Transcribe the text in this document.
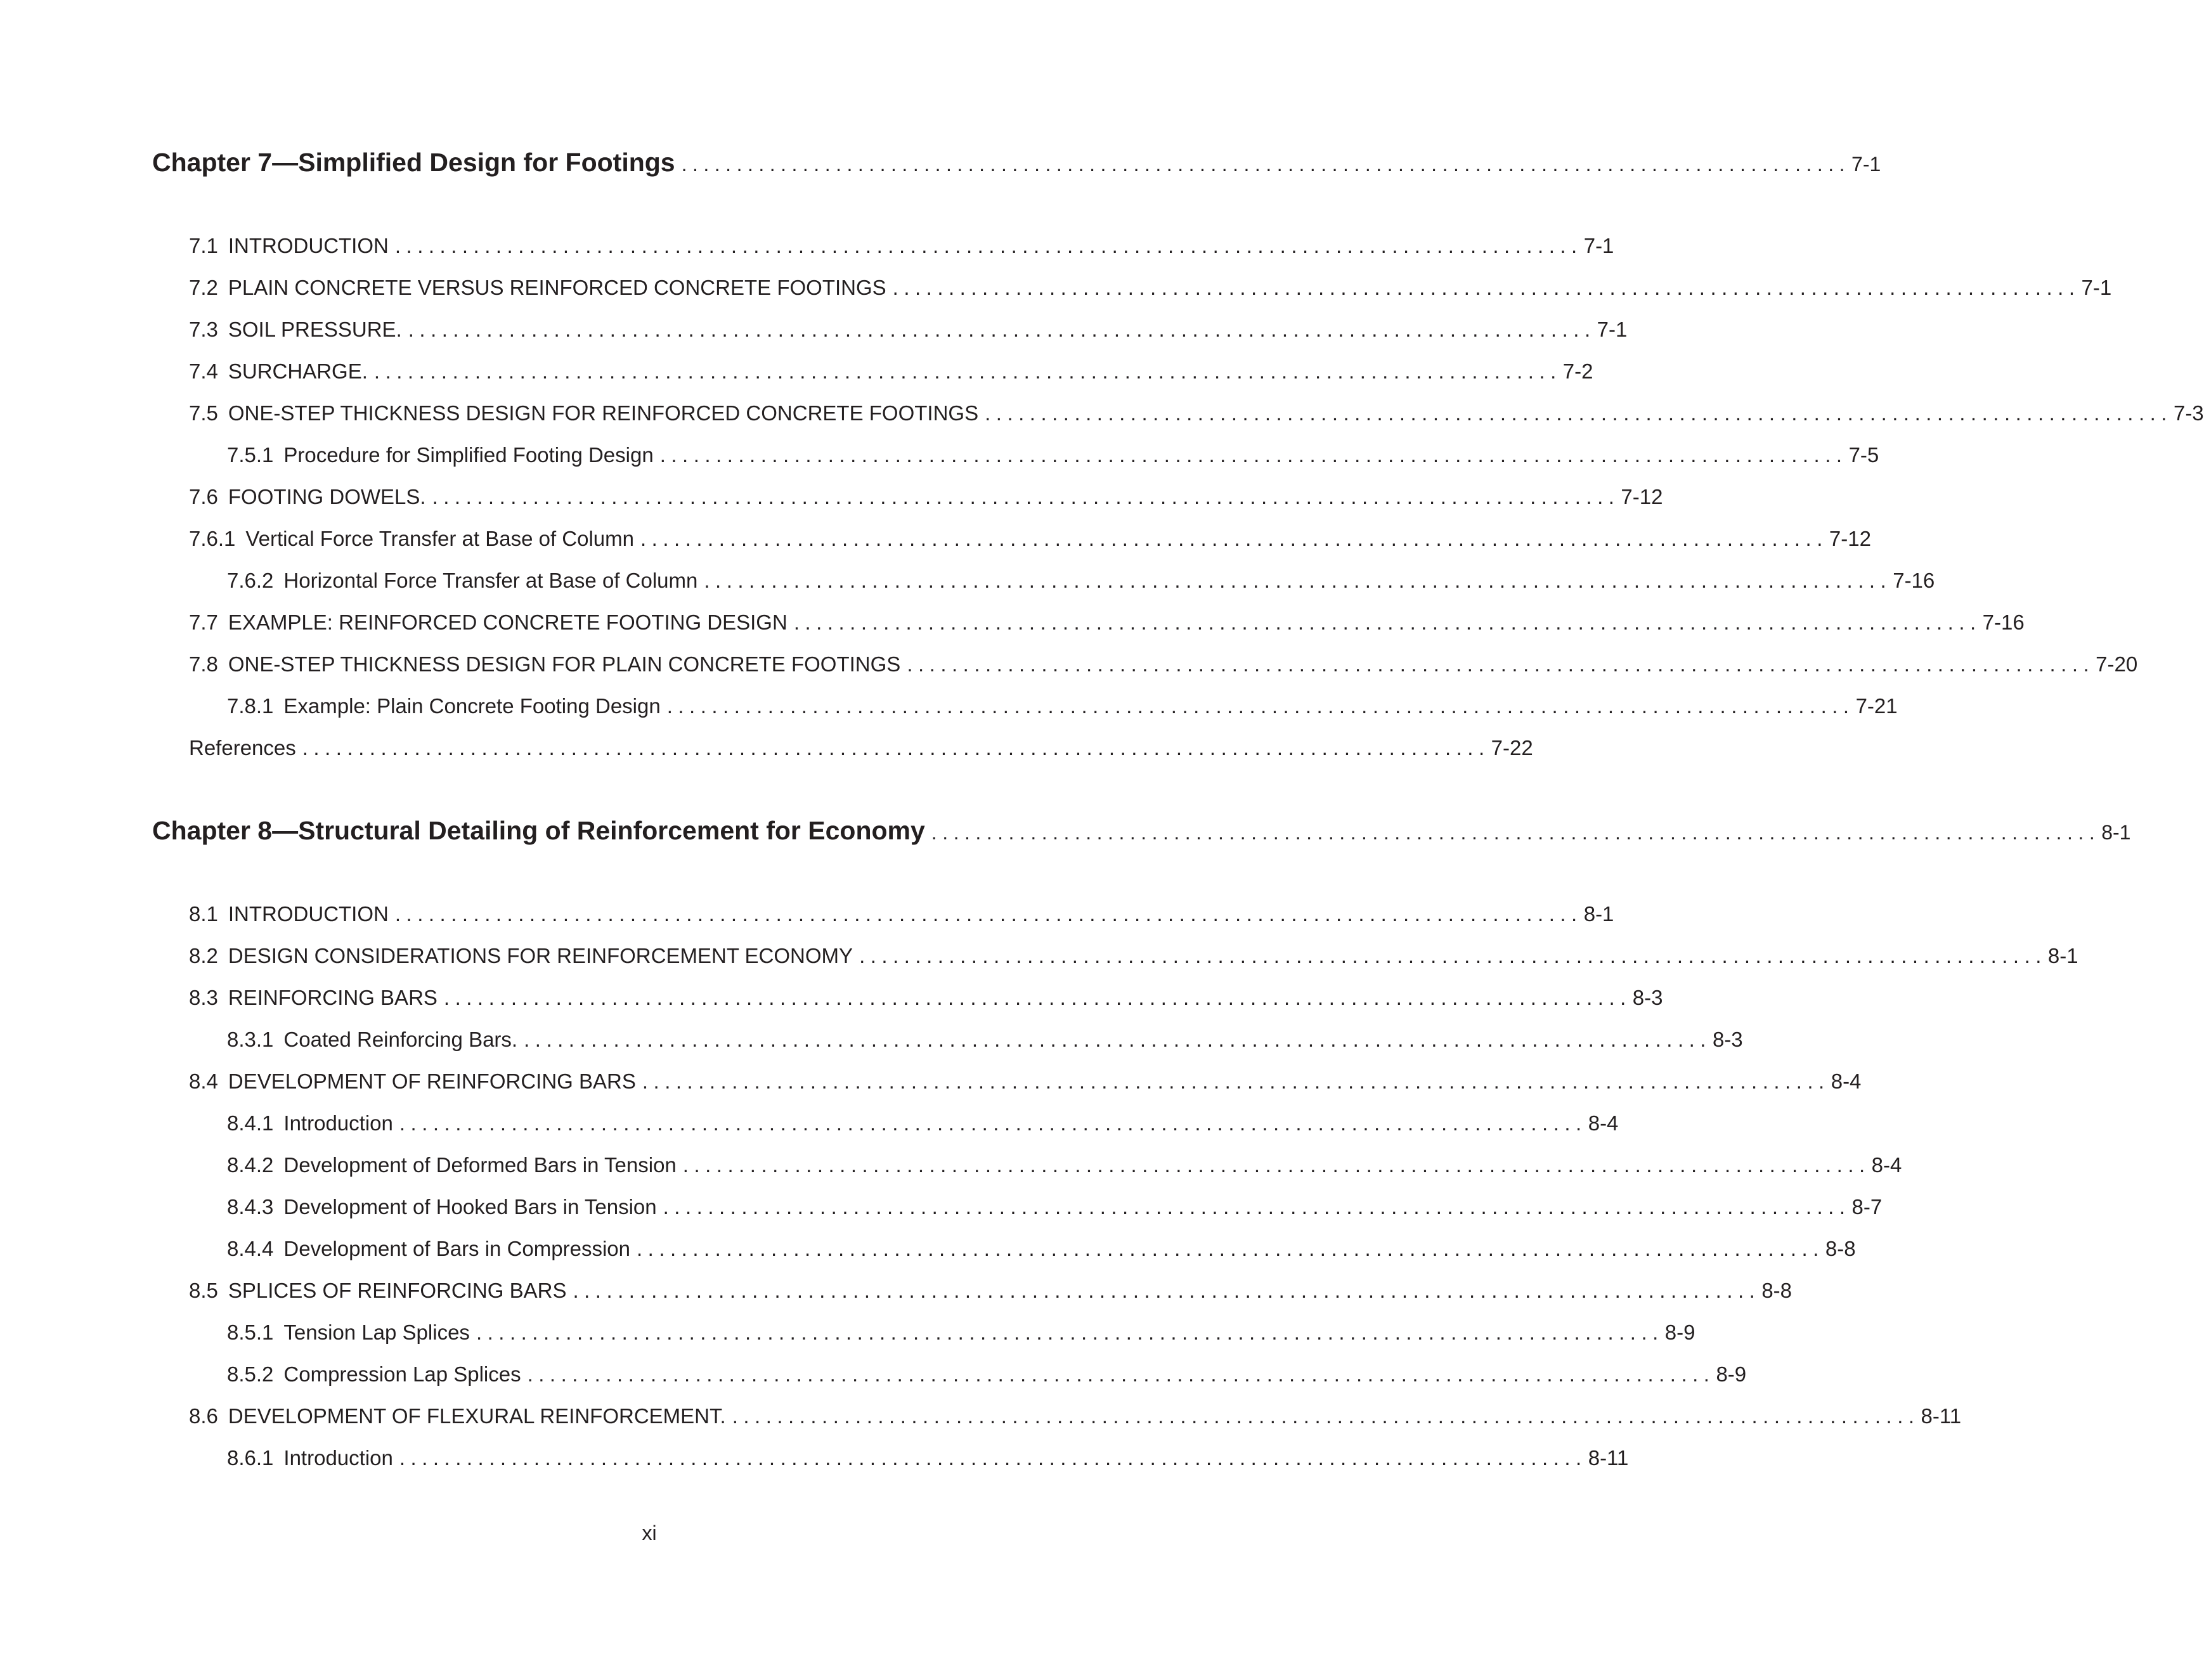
Chapter 7—Simplified Design for Footings .......................................................................................................... 7-1
7.1 INTRODUCTION .......................................................................................................... 7-1
7.2 PLAIN CONCRETE VERSUS REINFORCED CONCRETE FOOTINGS .......................................................................................................... 7-1
7.3 SOIL PRESSURE. .......................................................................................................... 7-1
7.4 SURCHARGE. .......................................................................................................... 7-2
7.5 ONE-STEP THICKNESS DESIGN FOR REINFORCED CONCRETE FOOTINGS .......................................................................................................... 7-3
7.5.1 Procedure for Simplified Footing Design .......................................................................................................... 7-5
7.6 FOOTING DOWELS. .......................................................................................................... 7-12
7.6.1 Vertical Force Transfer at Base of Column .......................................................................................................... 7-12
7.6.2 Horizontal Force Transfer at Base of Column .......................................................................................................... 7-16
7.7 EXAMPLE: REINFORCED CONCRETE FOOTING DESIGN .......................................................................................................... 7-16
7.8 ONE-STEP THICKNESS DESIGN FOR PLAIN CONCRETE FOOTINGS .......................................................................................................... 7-20
7.8.1 Example: Plain Concrete Footing Design .......................................................................................................... 7-21
References .......................................................................................................... 7-22
Chapter 8—Structural Detailing of Reinforcement for Economy .......................................................................................................... 8-1
8.1 INTRODUCTION .......................................................................................................... 8-1
8.2 DESIGN CONSIDERATIONS FOR REINFORCEMENT ECONOMY .......................................................................................................... 8-1
8.3 REINFORCING BARS .......................................................................................................... 8-3
8.3.1 Coated Reinforcing Bars. .......................................................................................................... 8-3
8.4 DEVELOPMENT OF REINFORCING BARS .......................................................................................................... 8-4
8.4.1 Introduction .......................................................................................................... 8-4
8.4.2 Development of Deformed Bars in Tension .......................................................................................................... 8-4
8.4.3 Development of Hooked Bars in Tension .......................................................................................................... 8-7
8.4.4 Development of Bars in Compression .......................................................................................................... 8-8
8.5 SPLICES OF REINFORCING BARS .......................................................................................................... 8-8
8.5.1 Tension Lap Splices .......................................................................................................... 8-9
8.5.2 Compression Lap Splices .......................................................................................................... 8-9
8.6 DEVELOPMENT OF FLEXURAL REINFORCEMENT. .......................................................................................................... 8-11
8.6.1 Introduction .......................................................................................................... 8-11
xi
